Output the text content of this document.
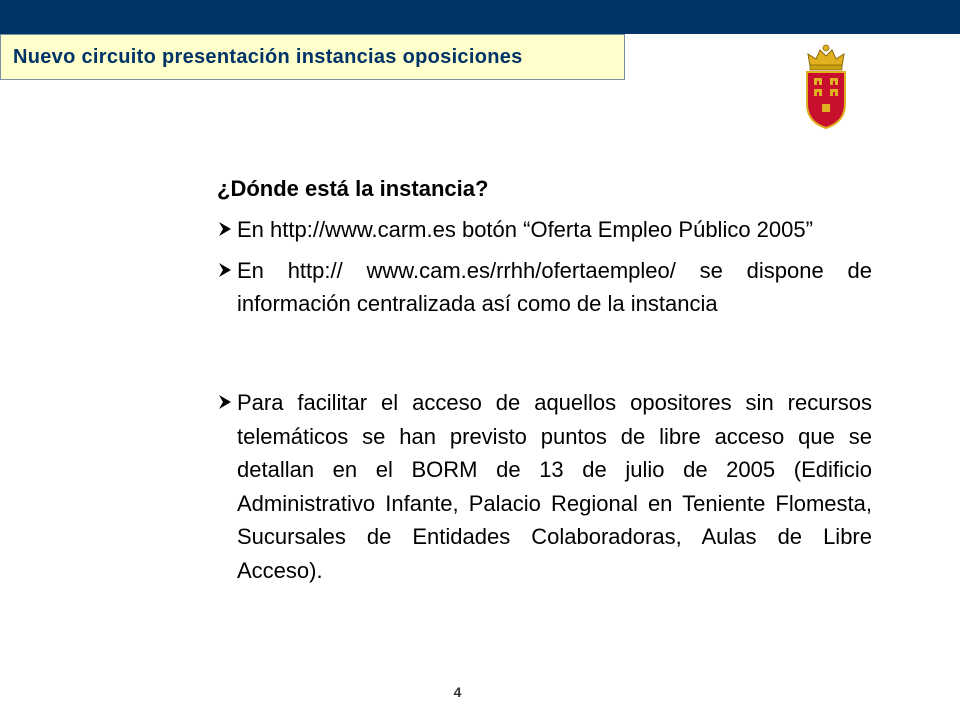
Nuevo circuito presentación instancias oposiciones
¿Dónde está la instancia?
En http://www.carm.es botón “Oferta Empleo Público 2005”
En http:// www.cam.es/rrhh/ofertaempleo/ se dispone de información centralizada así como de la instancia
Para facilitar el acceso de aquellos opositores sin recursos telemáticos se han previsto puntos de libre acceso que se detallan en el BORM de 13 de julio de 2005 (Edificio Administrativo Infante, Palacio Regional en Teniente Flomesta, Sucursales de Entidades Colaboradoras, Aulas de Libre Acceso).
4
